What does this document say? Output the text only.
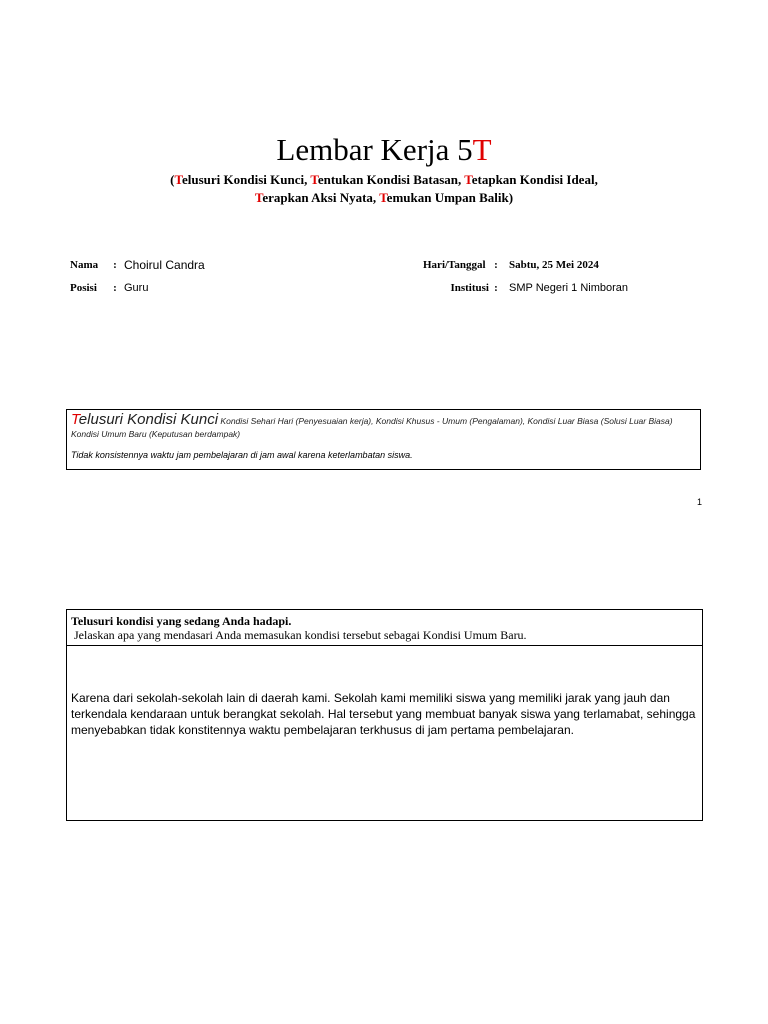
Lembar Kerja 5T
(Telusuri Kondisi Kunci, Tentukan Kondisi Batasan, Tetapkan Kondisi Ideal,
Terapkan Aksi Nyata, Temukan Umpan Balik)
Nama	: Choirul Candra
Posisi	: Guru
Hari/Tanggal :	Sabtu, 25 Mei 2024
Institusi :	SMP Negeri 1 Nimboran
Telusuri Kondisi Kunci Kondisi Sehari Hari (Penyesuaian kerja), Kondisi Khusus - Umum (Pengalaman), Kondisi Luar Biasa (Solusi Luar Biasa) Kondisi Umum Baru (Keputusan berdampak)
Tidak konsistennya waktu jam pembelajaran di jam awal karena keterlambatan siswa.
1
Telusuri kondisi yang sedang Anda hadapi.
Jelaskan apa yang mendasari Anda memasukan kondisi tersebut sebagai Kondisi Umum Baru.
Karena dari sekolah-sekolah lain di daerah kami. Sekolah kami memiliki siswa yang memiliki jarak yang jauh dan terkendala kendaraan untuk berangkat sekolah. Hal tersebut yang membuat banyak siswa yang terlamabat, sehingga menyebabkan tidak konstitennya waktu pembelajaran terkhusus di jam pertama pembelajaran.
